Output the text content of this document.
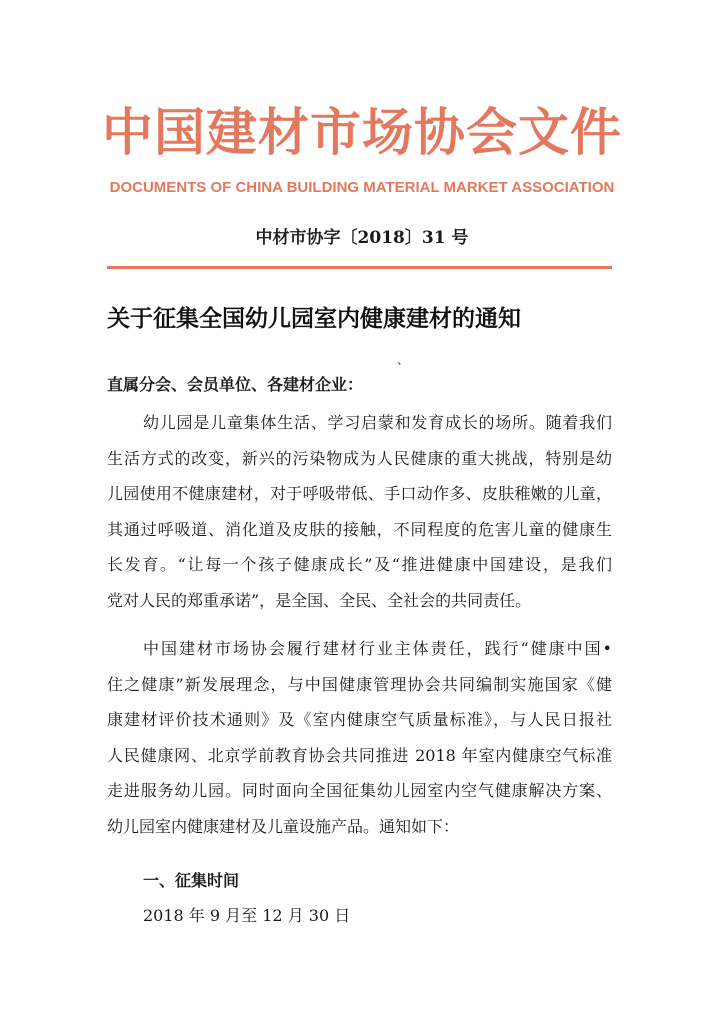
中国建材市场协会文件
DOCUMENTS OF CHINA BUILDING MATERIAL MARKET ASSOCIATION
中材市协字〔2018〕31 号
关于征集全国幼儿园室内健康建材的通知
、
直属分会、会员单位、各建材企业：
幼儿园是儿童集体生活、学习启蒙和发育成长的场所。随着我们
生活方式的改变，新兴的污染物成为人民健康的重大挑战，特别是幼
儿园使用不健康建材，对于呼吸带低、手口动作多、皮肤稚嫩的儿童，
其通过呼吸道、消化道及皮肤的接触，不同程度的危害儿童的健康生
长发育。“让每一个孩子健康成长”及“推进健康中国建设，是我们
党对人民的郑重承诺”，是全国、全民、全社会的共同责任。
中国建材市场协会履行建材行业主体责任，践行“健康中国•
住之健康”新发展理念，与中国健康管理协会共同编制实施国家《健
康建材评价技术通则》及《室内健康空气质量标准》，与人民日报社
人民健康网、北京学前教育协会共同推进 2018 年室内健康空气标准
走进服务幼儿园。同时面向全国征集幼儿园室内空气健康解决方案、
幼儿园室内健康建材及儿童设施产品。通知如下：
一、征集时间
2018 年 9 月至 12 月 30 日
